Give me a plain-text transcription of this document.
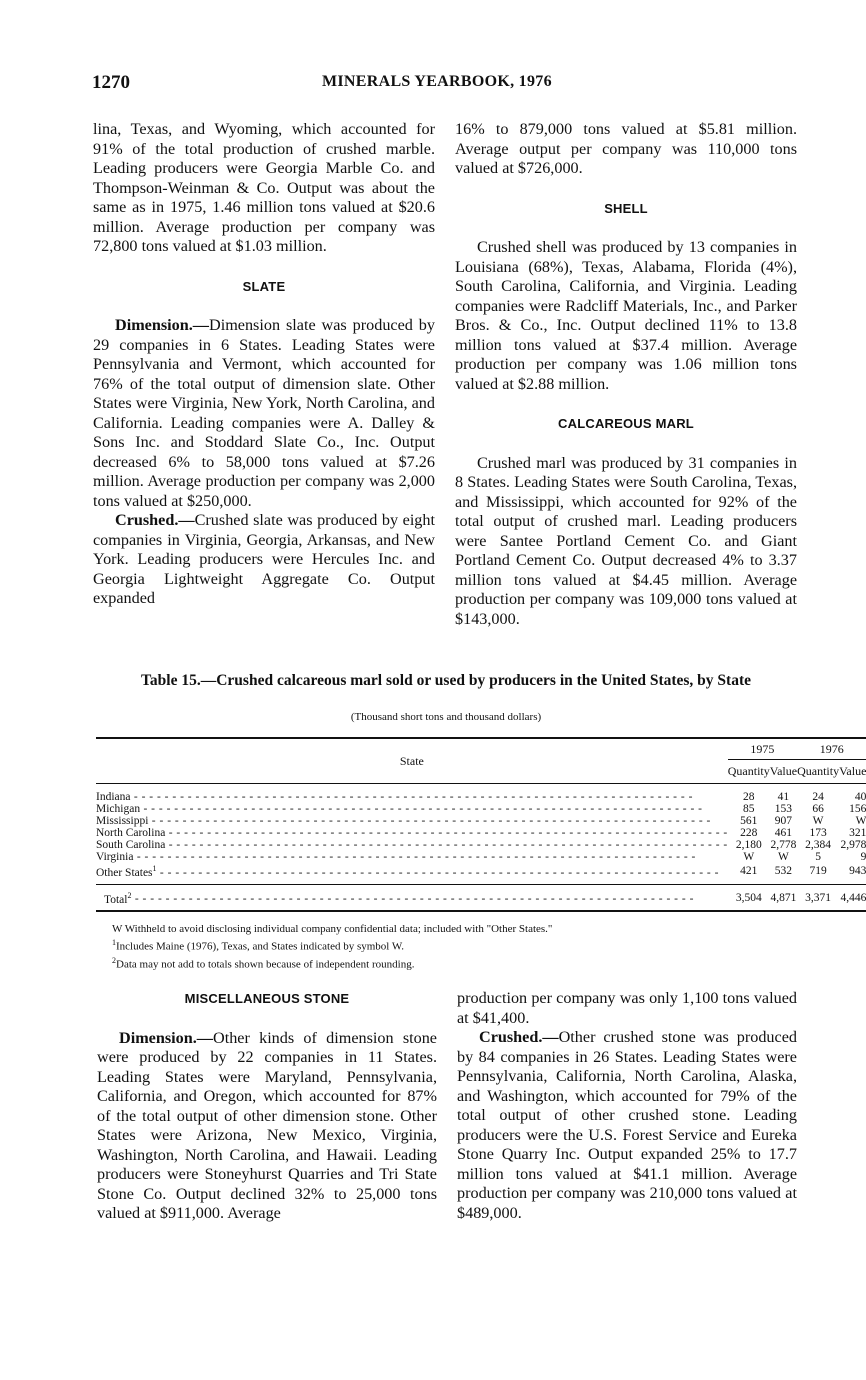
1270	MINERALS YEARBOOK, 1976

lina, Texas, and Wyoming, which accounted for 91% of the total production of crushed marble. Leading producers were Georgia Marble Co. and Thompson-Weinman & Co. Output was about the same as in 1975, 1.46 million tons valued at $20.6 million. Average production per company was 72,800 tons valued at $1.03 million.

SLATE

Dimension.—Dimension slate was produced by 29 companies in 6 States. Leading States were Pennsylvania and Vermont, which accounted for 76% of the total output of dimension slate. Other States were Virginia, New York, North Carolina, and California. Leading companies were A. Dalley & Sons Inc. and Stoddard Slate Co., Inc. Output decreased 6% to 58,000 tons valued at $7.26 million. Average production per company was 2,000 tons valued at $250,000.

Crushed.—Crushed slate was produced by eight companies in Virginia, Georgia, Arkansas, and New York. Leading producers were Hercules Inc. and Georgia Lightweight Aggregate Co. Output expanded

16% to 879,000 tons valued at $5.81 million. Average output per company was 110,000 tons valued at $726,000.

SHELL

Crushed shell was produced by 13 companies in Louisiana (68%), Texas, Alabama, Florida (4%), South Carolina, California, and Virginia. Leading companies were Radcliff Materials, Inc., and Parker Bros. & Co., Inc. Output declined 11% to 13.8 million tons valued at $37.4 million. Average production per company was 1.06 million tons valued at $2.88 million.

CALCAREOUS MARL

Crushed marl was produced by 31 companies in 8 States. Leading States were South Carolina, Texas, and Mississippi, which accounted for 92% of the total output of crushed marl. Leading producers were Santee Portland Cement Co. and Giant Portland Cement Co. Output decreased 4% to 3.37 million tons valued at $4.45 million. Average production per company was 109,000 tons valued at $143,000.

Table 15.—Crushed calcareous marl sold or used by producers in the United States, by State
(Thousand short tons and thousand dollars)
State	1975		1976	
	Quantity	Value	Quantity	Value

Indiana - - -	28	41	24	40
Michigan - - -	85	153	66	156
Mississippi - - -	561	907	W	W
North Carolina - - -	228	461	173	321
South Carolina - - -	2,180	2,778	2,384	2,978
Virginia - - -	W	W	5	9
Other States$^1$ - - -	421	532	719	943

Total$^2$ - - -	3,504	4,871	3,371	4,446

W Withheld to avoid disclosing individual company confidential data; included with "Other States."

$^1$Includes Maine (1976), Texas, and States indicated by symbol W.

$^2$Data may not add to totals shown because of independent rounding.

MISCELLANEOUS STONE

Dimension.—Other kinds of dimension stone were produced by 22 companies in 11 States. Leading States were Maryland, Pennsylvania, California, and Oregon, which accounted for 87% of the total output of other dimension stone. Other States were Arizona, New Mexico, Virginia, Washington, North Carolina, and Hawaii. Leading producers were Stoneyhurst Quarries and Tri State Stone Co. Output declined 32% to 25,000 tons valued at $911,000. Average

production per company was only 1,100 tons valued at $41,400.

Crushed.—Other crushed stone was produced by 84 companies in 26 States. Leading States were Pennsylvania, California, North Carolina, Alaska, and Washington, which accounted for 79% of the total output of other crushed stone. Leading producers were the U.S. Forest Service and Eureka Stone Quarry Inc. Output expanded 25% to 17.7 million tons valued at $41.1 million. Average production per company was 210,000 tons valued at $489,000.
